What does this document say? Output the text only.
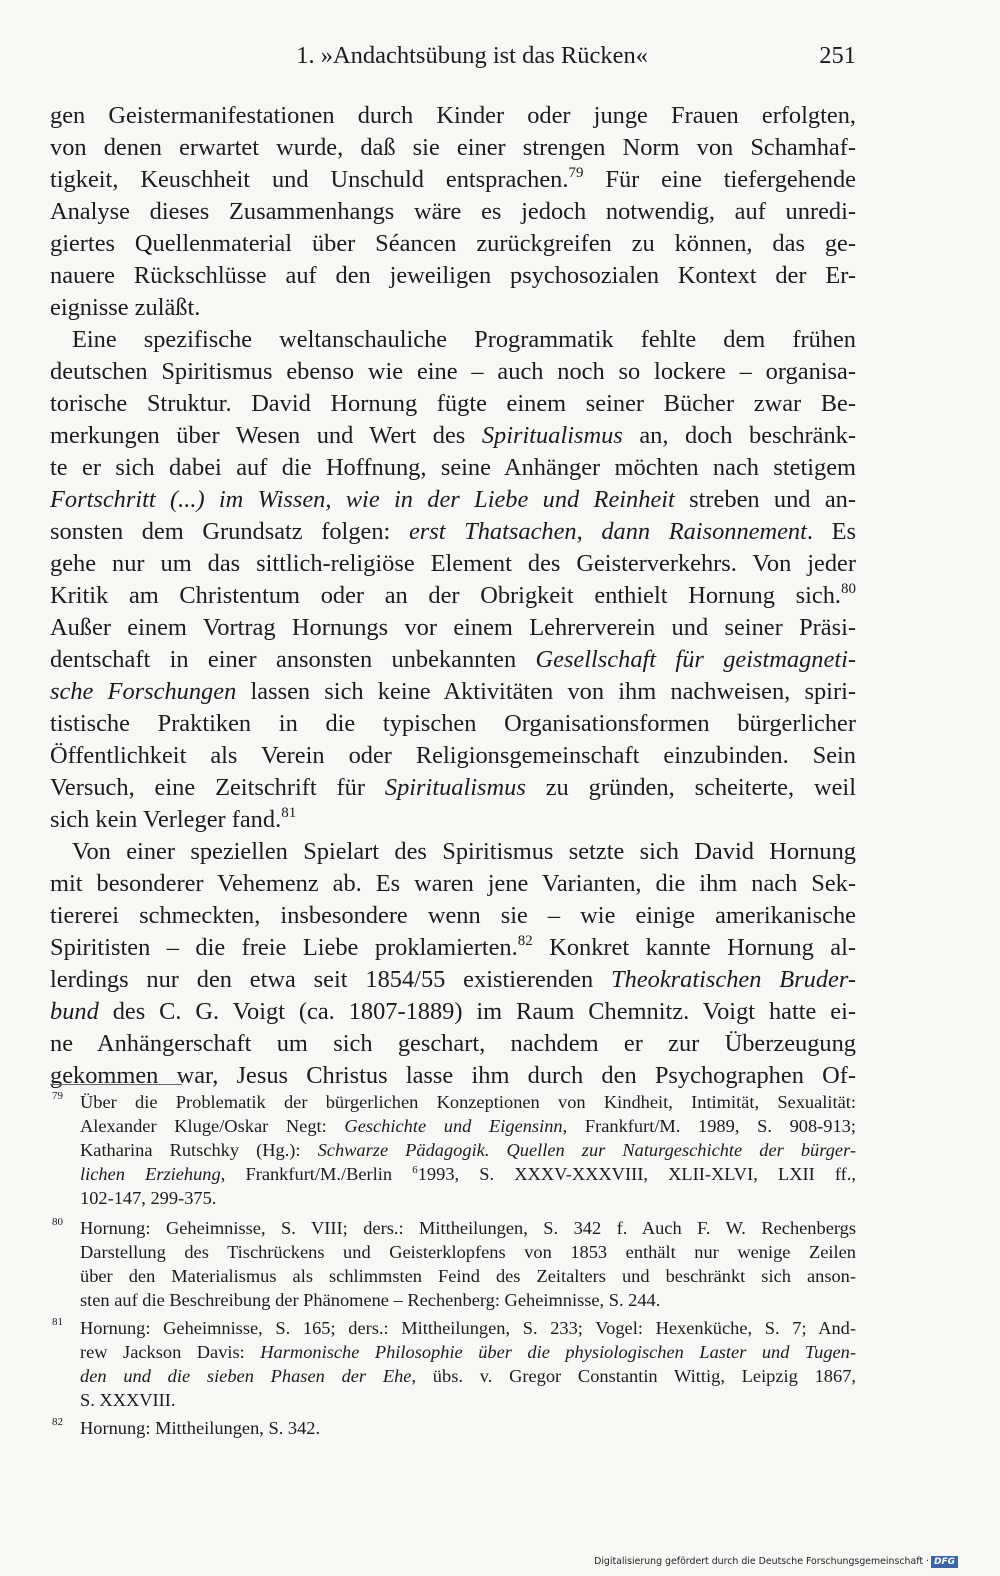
1. »Andachtsübung ist das Rücken«	251
gen Geistermanifestationen durch Kinder oder junge Frauen erfolgten,
von denen erwartet wurde, daß sie einer strengen Norm von Schamhaf-
tigkeit, Keuschheit und Unschuld entsprachen.$^{79}$ Für eine tiefergehende
Analyse dieses Zusammenhangs wäre es jedoch notwendig, auf unredi-
giertes Quellenmaterial über Séancen zurückgreifen zu können, das ge-
nauere Rückschlüsse auf den jeweiligen psychosozialen Kontext der Er-
eignisse zuläßt.
Eine spezifische weltanschauliche Programmatik fehlte dem frühen
deutschen Spiritismus ebenso wie eine – auch noch so lockere – organisa-
torische Struktur. David Hornung fügte einem seiner Bücher zwar Be-
merkungen über Wesen und Wert des Spiritualismus an, doch beschränk-
te er sich dabei auf die Hoffnung, seine Anhänger möchten nach stetigem
Fortschritt (...) im Wissen, wie in der Liebe und Reinheit streben und an-
sonsten dem Grundsatz folgen: erst Thatsachen, dann Raisonnement. Es
gehe nur um das sittlich-religiöse Element des Geisterverkehrs. Von jeder
Kritik am Christentum oder an der Obrigkeit enthielt Hornung sich.$^{80}$
Außer einem Vortrag Hornungs vor einem Lehrerverein und seiner Präsi-
dentschaft in einer ansonsten unbekannten Gesellschaft für geistmagneti-
sche Forschungen lassen sich keine Aktivitäten von ihm nachweisen, spiri-
tistische Praktiken in die typischen Organisationsformen bürgerlicher
Öffentlichkeit als Verein oder Religionsgemeinschaft einzubinden. Sein
Versuch, eine Zeitschrift für Spiritualismus zu gründen, scheiterte, weil
sich kein Verleger fand.$^{81}$
Von einer speziellen Spielart des Spiritismus setzte sich David Hornung
mit besonderer Vehemenz ab. Es waren jene Varianten, die ihm nach Sek-
tiererei schmeckten, insbesondere wenn sie – wie einige amerikanische
Spiritisten – die freie Liebe proklamierten.$^{82}$ Konkret kannte Hornung al-
lerdings nur den etwa seit 1854/55 existierenden Theokratischen Bruder-
bund des C. G. Voigt (ca. 1807-1889) im Raum Chemnitz. Voigt hatte ei-
ne Anhängerschaft um sich geschart, nachdem er zur Überzeugung
gekommen war, Jesus Christus lasse ihm durch den Psychographen Of-
79 Über die Problematik der bürgerlichen Konzeptionen von Kindheit, Intimität, Sexualität:
Alexander Kluge/Oskar Negt: Geschichte und Eigensinn, Frankfurt/M. 1989, S. 908-913;
Katharina Rutschky (Hg.): Schwarze Pädagogik. Quellen zur Naturgeschichte der bürger-
lichen Erziehung, Frankfurt/M./Berlin $^6$1993, S. XXXV-XXXVIII, XLII-XLVI, LXII ff.,
102-147, 299-375.
80 Hornung: Geheimnisse, S. VIII; ders.: Mittheilungen, S. 342 f. Auch F. W. Rechenbergs
Darstellung des Tischrückens und Geisterklopfens von 1853 enthält nur wenige Zeilen
über den Materialismus als schlimmsten Feind des Zeitalters und beschränkt sich anson-
sten auf die Beschreibung der Phänomene – Rechenberg: Geheimnisse, S. 244.
81 Hornung: Geheimnisse, S. 165; ders.: Mittheilungen, S. 233; Vogel: Hexenküche, S. 7; And-
rew Jackson Davis: Harmonische Philosophie über die physiologischen Laster und Tugen-
den und die sieben Phasen der Ehe, übs. v. Gregor Constantin Wittig, Leipzig 1867,
S. XXXVIII.
82 Hornung: Mittheilungen, S. 342.
Digitalisierung gefördert durch die Deutsche Forschungsgemeinschaft · DFG
